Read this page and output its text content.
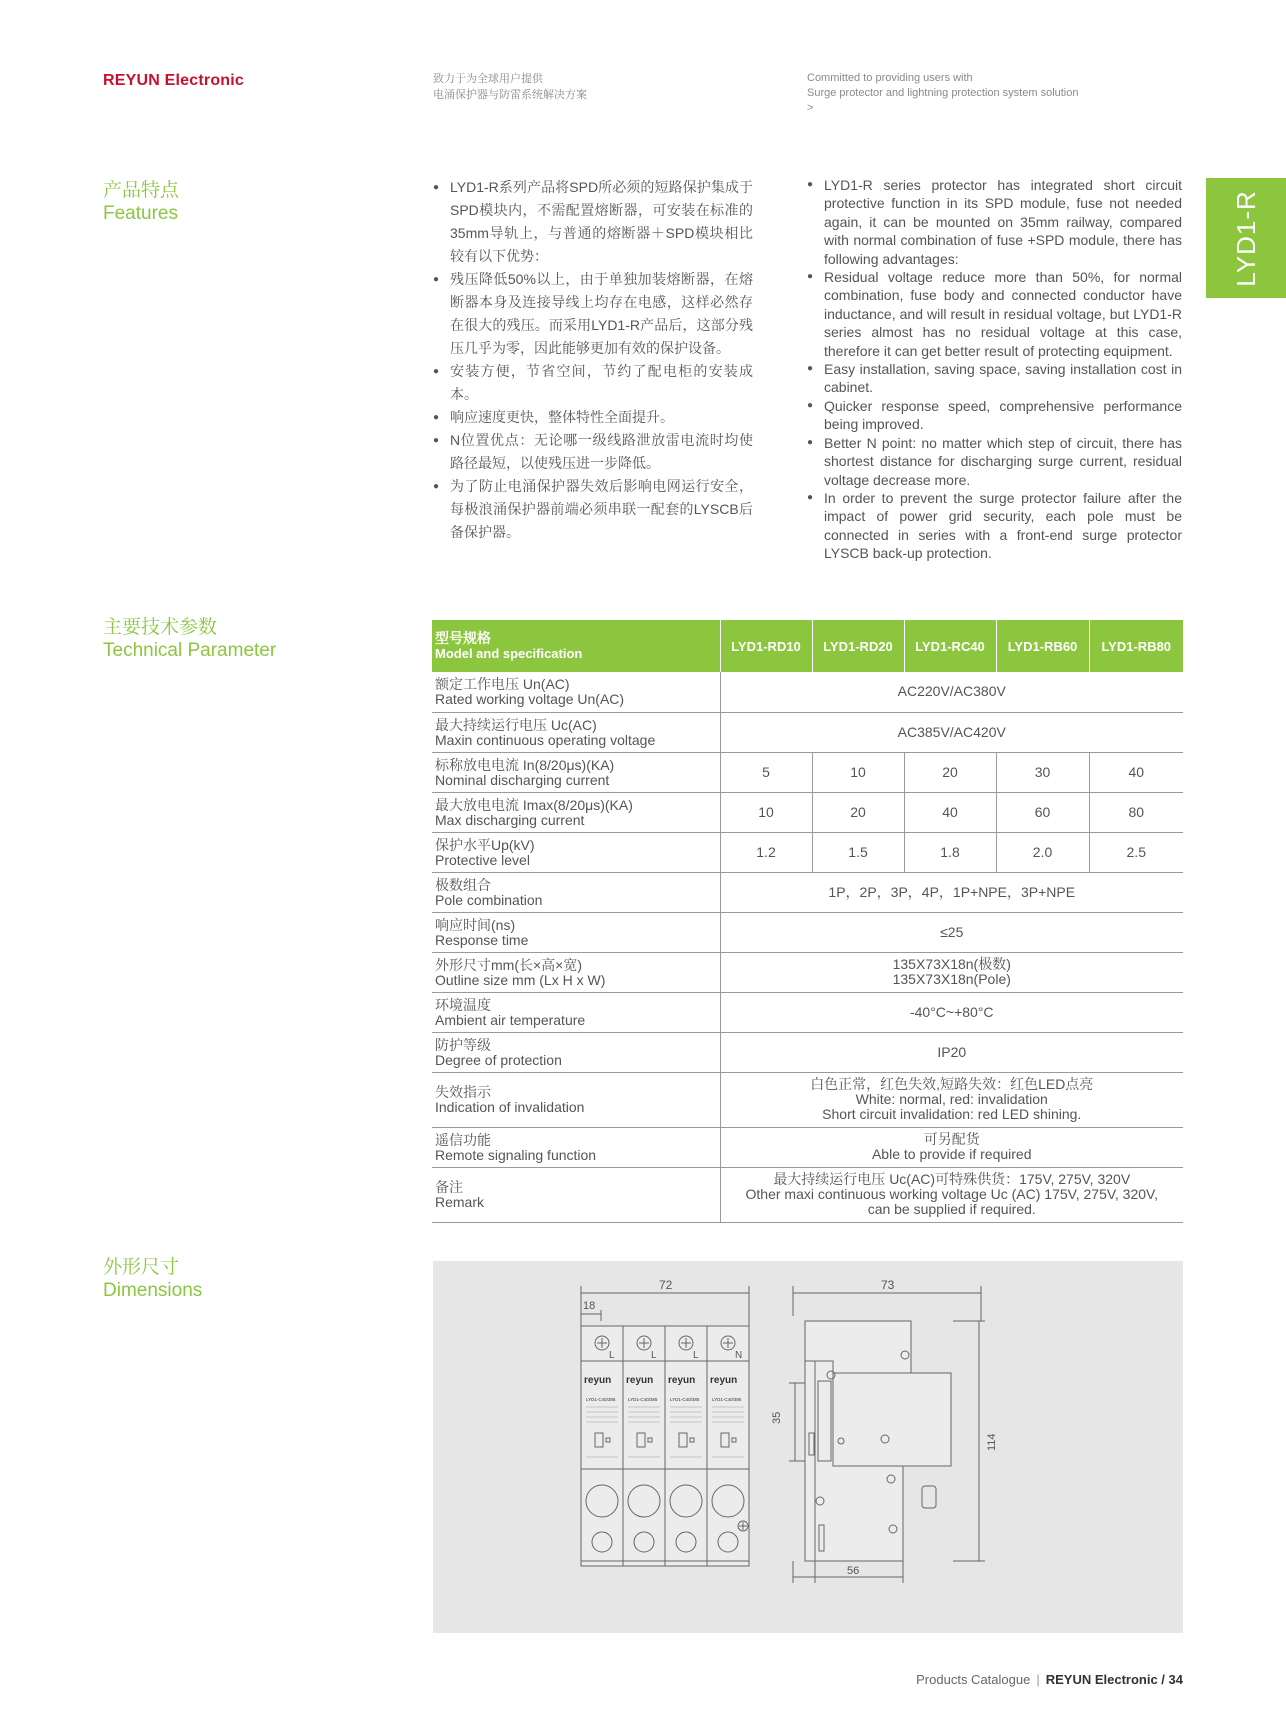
REYUN Electronic	致力于为全球用户提供
电涌保护器与防雷系统解决方案
Committed to providing users with
Surge protector and lightning protection system solution
>
LYD1-R
产品特点
Features
● LYD1-R系列产品将SPD所必须的短路保护集成于SPD模块内，不需配置熔断器，可安装在标准的35mm导轨上，与普通的熔断器＋SPD模块相比较有以下优势：
● 残压降低50%以上，由于单独加装熔断器，在熔断器本身及连接导线上均存在电感，这样必然存在很大的残压。而采用LYD1-R产品后，这部分残压几乎为零，因此能够更加有效的保护设备。
● 安装方便，节省空间，节约了配电柜的安装成本。
● 响应速度更快，整体特性全面提升。
● N位置优点：无论哪一级线路泄放雷电流时均使路径最短，以使残压进一步降低。
● 为了防止电涌保护器失效后影响电网运行安全，每极浪涌保护器前端必须串联一配套的LYSCB后备保护器。
● LYD1-R series protector has integrated short circuit protective function in its SPD module, fuse not needed again, it can be mounted on 35mm railway, compared with normal combination of fuse +SPD module, there has following advantages:
● Residual voltage reduce more than 50%, for normal combination, fuse body and connected conductor have inductance, and will result in residual voltage, but LYD1-R series almost has no residual voltage at this case, therefore it can get better result of protecting equipment.
● Easy installation, saving space, saving installation cost in cabinet.
● Quicker response speed, comprehensive performance being improved.
● Better N point: no matter which step of circuit, there has shortest distance for discharging surge current, residual voltage decrease more.
● In order to prevent the surge protector failure after the impact of power grid security, each pole must be connected in series with a front-end surge protector LYSCB back-up protection.
主要技术参数
Technical Parameter
型号规格
Model and specification	LYD1-RD10	LYD1-RD20	LYD1-RC40	LYD1-RB60	LYD1-RB80

额定工作电压 Un(AC)
Rated working voltage Un(AC)	AC220V/AC380V				

最大持续运行电压 Uc(AC)
Maxin continuous operating voltage	AC385V/AC420V				

标称放电电流 In(8/20μs)(KA)
Nominal discharging current	5	10	20	30	40

最大放电电流 Imax(8/20μs)(KA)
Max discharging current	10	20	40	60	80

保护水平Up(kV)
Protective level	1.2	1.5	1.8	2.0	2.5

极数组合
Pole combination	1P，2P，3P，4P，1P+NPE，3P+NPE				

响应时间(ns)
Response time	≤25				

外形尺寸mm(长×高×宽)
Outline size mm (Lx H x W)	135X73X18n(极数)
135X73X18n(Pole)				

环境温度
Ambient air temperature	-40°C~+80°C				

防护等级
Degree of protection	IP20				

失效指示
Indication of invalidation	白色正常，红色失效,短路失效：红色LED点亮
White: normal, red: invalidation
Short circuit invalidation: red LED shining.				

遥信功能
Remote signaling function	可另配货
Able to provide if required				

备注
Remark	最大持续运行电压 Uc(AC)可特殊供货：175V, 275V, 320V
Other maxi continuous working voltage Uc (AC) 175V, 275V, 320V,
can be supplied if required.				
外形尺寸
Dimensions	72
18
L	L	L	N
reyun reyun reyun reyun
LYD1-C40/385	LYD1-C40/385	LYD1-C40/385	LYD1-C40/385
73
35
114
56
Products Catalogue | REYUN Electronic / 34
